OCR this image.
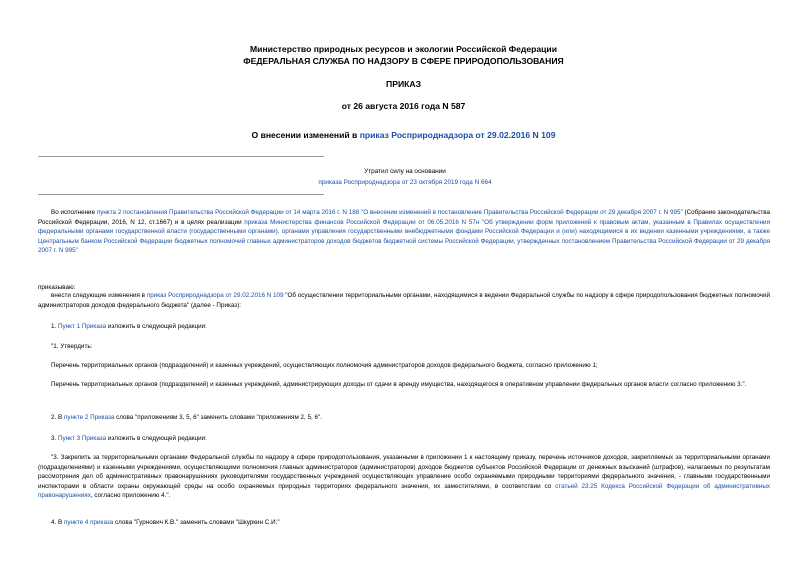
Министерство природных ресурсов и экологии Российской Федерации
ФЕДЕРАЛЬНАЯ СЛУЖБА ПО НАДЗОРУ В СФЕРЕ ПРИРОДОПОЛЬЗОВАНИЯ
ПРИКАЗ
от 26 августа 2016 года N 587
О внесении изменений в приказ Росприроднадзора от 29.02.2016 N 109
Утратил силу на основании
приказа Росприроднадзора от 23 октября 2019 года N 664
Во исполнение пункта 2 постановления Правительства Российской Федерации от 14 марта 2016 г. N 188 "О внесении изменений в постановление Правительства Российской Федерации от 29 декабря 2007 г. N 995" (Собрание законодательства Российской Федерации, 2016, N 12, ст.1667) и в целях реализации приказа Министерства финансов Российской Федерации от 06.05.2016 N 57н "Об утверждении форм приложений к правовым актам, указанным в Правилах осуществления федеральными органами государственной власти (государственными органами), органами управления государственными внебюджетными фондами Российской Федерации и (или) находящимися в их ведении казенными учреждениями, а также Центральным банком Российской Федерации бюджетных полномочий главных администраторов доходов бюджетов бюджетной системы Российской Федерации, утвержденных постановлением Правительства Российской Федерации от 29 декабря 2007 г. N 995"
приказываю:
внести следующие изменения в приказ Росприроднадзора от 29.02.2016 N 109 "Об осуществлении территориальными органами, находящимися в ведении Федеральной службы по надзору в сфере природопользования бюджетных полномочий администраторов доходов федерального бюджета" (далее - Приказ):
1. Пункт 1 Приказа изложить в следующей редакции:
"1. Утвердить:
Перечень территориальных органов (подразделений) и казенных учреждений, осуществляющих полномочия администраторов доходов федерального бюджета, согласно приложению 1;
Перечень территориальных органов (подразделений) и казенных учреждений, администрирующих доходы от сдачи в аренду имущества, находящегося в оперативном управлении федеральных органов власти согласно приложению 3.".
2. В пункте 2 Приказа слова "приложениям 3, 5, 6" заменить словами "приложениям 2, 5, 6".
3. Пункт 3 Приказа изложить в следующей редакции:
"3. Закрепить за территориальными органами Федеральной службы по надзору в сфере природопользования, указанными в приложении 1 к настоящему приказу, перечень источников доходов, закрепляемых за территориальными органами (подразделениями) и казенными учреждениями, осуществляющими полномочия главных администраторов (администраторов) доходов бюджетов субъектов Российской Федерации от денежных взысканий (штрафов), налагаемых по результатам рассмотрения дел об административных правонарушениях руководителями государственных учреждений осуществляющих управление особо охраняемыми природными территориями федерального значения, - главными государственными инспекторами в области охраны окружающей среды на особо охраняемых природных территориях федерального значения, их заместителями, в соответствии со статьей 23.25 Кодекса Российской Федерации об административных правонарушениях, согласно приложению 4.".
4. В пункте 4 приказа слова "Гурнович К.В." заменить словами "Шкуркин С.И."
